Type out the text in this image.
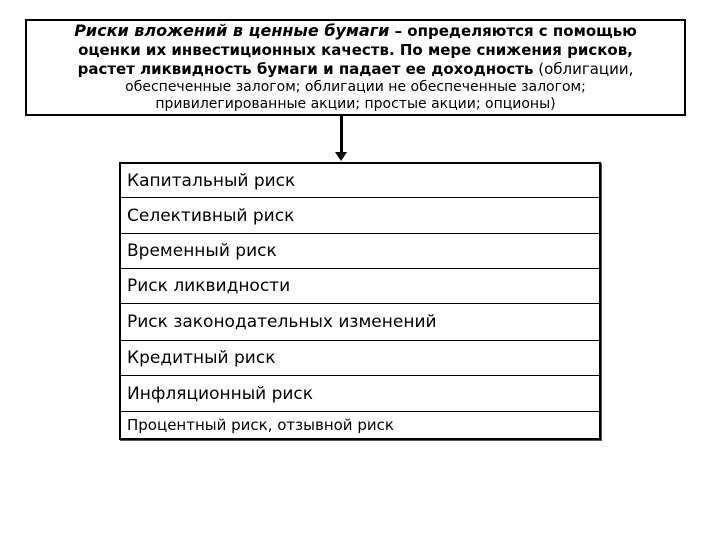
Риски вложений в ценные бумаги – определяются с помощью
оценки их инвестиционных качеств. По мере снижения рисков,
растет ликвидность бумаги и падает ее доходность (облигации,
обеспеченные залогом; облигации не обеспеченные залогом;
привилегированные акции; простые акции; опционы)
Капитальный риск
Селективный риск
Временный риск
Риск ликвидности
Риск законодательных изменений
Кредитный риск
Инфляционный риск
Процентный риск, отзывной риск
